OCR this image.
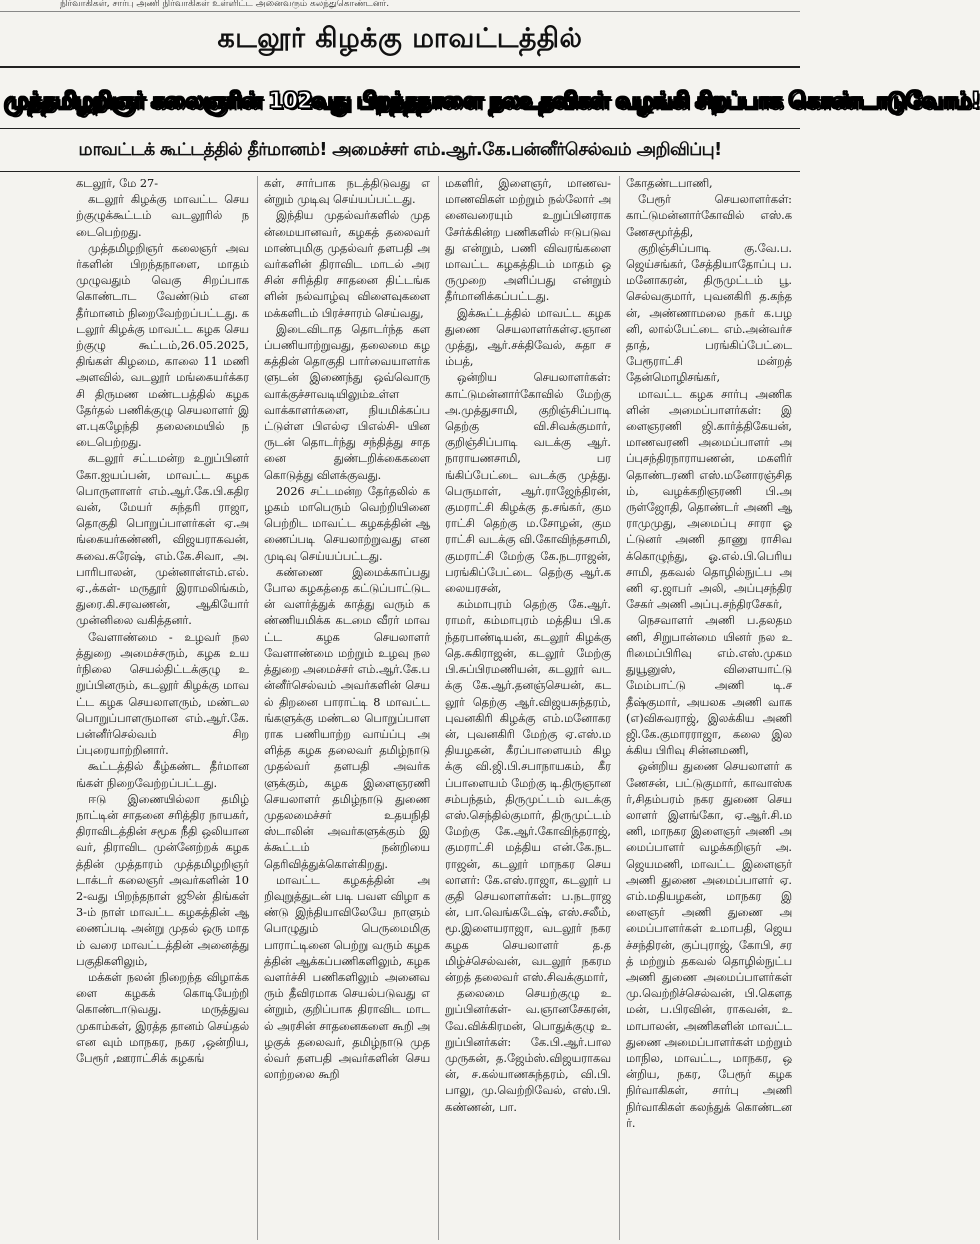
நிர்வாகிகள், சார்பு அணி நிர்வாகிகள் உள்ளிட்ட அனைவரும் கலந்துகொண்டனர்.
கடலூர் கிழக்கு மாவட்டத்தில்
முத்தமிழறிஞர் கலைஞரின் 102வது பிறந்தநாளை நலஉதவிகள் வழங்கி சிறப்பாக கொண்டாடுவோம்!
மாவட்டக் கூட்டத்தில் தீர்மானம்! அமைச்சர் எம்.ஆர்.கே.பன்னீர்செல்வம் அறிவிப்பு!

கடலூர், மே 27-

கடலூர் கிழக்கு மாவட்ட செயற்குழுக்கூட்டம் வடலூரில் நடைபெற்றது.

முத்தமிழறிஞர் கலைஞர் அவர்களின் பிறந்தநாளை, மாதம் முழுவதும் வெகு சிறப்பாக கொண்டாட வேண்டும் என தீர்மானம் நிறைவேற்றப்பட்டது. கடலூர் கிழக்கு மாவட்ட கழக செயற்குழு கூட்டம்,26.05.2025, திங்கள் கிழமை, காலை 11 மணி அளவில், வடலூர் மங்கையர்க்கரசி திருமண மண்டபத்தில் கழக தேர்தல் பணிக்குழு செயலாளர் இள.புகழேந்தி தலைமையில் நடைபெற்றது.

கடலூர் சட்டமன்ற உறுப்பினர் கோ.ஐயப்பன், மாவட்ட கழக பொருளாளர் எம்.ஆர்.கே.பி.கதிரவன், மேயர் சுந்தரி ராஜா, தொகுதி பொறுப்பாளர்கள் ஏ.அங்கையர்கண்ணி, விஜயராகவன்,சுவை.சுரேஷ், எம்.கே.சிவா, அ.பாரிபாலன், முன்னாள்எம்.எல்.ஏ.,க்கள்- மருதூர் இராமலிங்கம், துரை.கி.சரவணன், ஆகியோர் முன்னிலை வகித்தனர்.

வேளாண்மை - உழவர் நலத்துறை அமைச்சரும், கழக உயர்நிலை செயல்திட்டக்குழு உறுப்பினரும், கடலூர் கிழக்கு மாவட்ட கழக செயலாளரும், மண்டல பொறுப்பாளருமான எம்.ஆர்.கே.பன்னீர்செல்வம் சிறப்புரையாற்றினார்.

கூட்டத்தில் கீழ்கண்ட தீர்மானங்கள் நிறைவேற்றப்பட்டது.

ஈடு இணையில்லா தமிழ் நாட்டின் சாதனை சரித்திர நாயகர், திராவிடத்தின் சமூக நீதி ஒலியானவர், திராவிட முன்னேற்றக் கழகத்தின் முத்தாரம் முத்தமிழறிஞர் டாக்டர் கலைஞர் அவர்களின் 102-வது பிறந்தநாள் ஜூன் திங்கள் 3-ம் நாள் மாவட்ட கழகத்தின் ஆணைப்படி அன்று முதல் ஒரு மாதம் வரை மாவட்டத்தின் அனைத்து பகுதிகளிலும்,

மக்கள் நலன் நிறைந்த விழாக்களை கழகக் கொடியேற்றி கொண்டாடுவது. மருத்துவ முகாம்கள், இரத்த தானம் செய்தல் என வும் மாநகர, நகர ,ஒன்றிய, பேரூர் ,ஊராட்சிக் கழகங்

கள், சார்பாக நடத்திடுவது என்றும் முடிவு செய்யப்பட்டது.

இந்திய முதல்வர்களில் முதன்மையானவர், கழகத் தலைவர் மாண்புமிகு முதல்வர் தளபதி அவர்களின் திராவிட மாடல் அரசின் சரித்திர சாதனை திட்டங்களின் நல்வாழ்வு விளைவுகளை மக்களிடம் பிரச்சாரம் செய்வது,

இடைவிடாத தொடர்ந்த களப்பணியாற்றுவது, தலைமை கழகத்தின் தொகுதி பார்வையாளர்களுடன் இணைந்து ஒவ்வொரு வாக்குச்சாவடியிலும்உள்ளவாக்காளர்களை, நியமிக்கப்பட்டுள்ள பிஎல்ஏ பிஎல்சி- யினருடன் தொடர்ந்து சந்தித்து சாதனை துண்டறிக்கைகளை கொடுத்து விளக்குவது.

2026 சட்டமன்ற தேர்தலில் கழகம் மாபெரும் வெற்றியினை பெற்றிட மாவட்ட கழகத்தின் ஆணைப்படி செயலாற்றுவது என முடிவு செய்யப்பட்டது.

கண்ணை இமைக்காப்பது போல கழகத்தை கட்டுப்பாட்டுடன் வளர்த்துக் காத்து வரும் கண்ணியமிக்க கடமை வீரர் மாவட்ட கழக செயலாளர் வேளாண்மை மற்றும் உழவு நலத்துறை அமைச்சர் எம்.ஆர்.கே.பன்னீர்செல்வம் அவர்களின் செயல் திறனை பாராட்டி 8 மாவட்டங்களுக்கு மண்டல பொறுப்பாளராக பணியாற்ற வாய்ப்பு அளித்த கழக தலைவர் தமிழ்நாடு முதல்வர் தளபதி அவர்களுக்கும், கழக இளைஞரணி செயலாளர் தமிழ்நாடு துணை முதலமைச்சர் உதயநிதி ஸ்டாலின் அவர்களுக்கும் இக்கூட்டம் நன்றியை தெரிவித்துக்கொள்கிறது.

மாவட்ட கழகத்தின் அறிவுறுத்துடன் படி பவள விழா கண்டு இந்தியாவிலேயே நாளும் பொழுதும் பெருமைமிகு பாராட்டினை பெற்று வரும் கழகத்தின் ஆக்கப்பணிகளிலும், கழக வளர்ச்சி பணிகளிலும் அனைவரும் தீவிரமாக செயல்படுவது என்றும், குறிப்பாக திராவிட மாடல் அரசின் சாதனைகளை கூறி அழகுக் தலைவர், தமிழ்நாடு முதல்வர் தளபதி அவர்களின் செயலாற்றலை கூறி

மகளிர், இளைஞர், மாணவ-மாணவிகள் மற்றும் நல்லோர் அனைவரையும் உறுப்பினராக சேர்க்கின்ற பணிகளில் ஈடுபடுவது என்றும், பணி விவரங்களை மாவட்ட கழகத்திடம் மாதம் ஒருமுறை அளிப்பது என்றும் தீர்மானிக்கப்பட்டது.

இக்கூட்டத்தில் மாவட்ட கழக துணை செயலாளர்கள்ஏ.ஞானமுத்து, ஆர்.சக்திவேல், சுதா சம்பத்,

ஒன்றிய செயலாளர்கள்: காட்டுமன்னார்கோவில் மேற்கு அ.முத்துசாமி, குறிஞ்சிப்பாடி தெற்கு வி.சிவக்குமார், குறிஞ்சிப்பாடி வடக்கு ஆர்.நாராயணசாமி, பரங்கிப்பேட்டை வடக்கு முத்து.பெருமாள், ஆர்.ராஜேந்திரன், குமராட்சி கிழக்கு த.சங்கர், குமராட்சி தெற்கு ம.சோழன், குமராட்சி வடக்கு வி.கோவிந்தசாமி, குமராட்சி மேற்கு கே.நடராஜன், பரங்கிப்பேட்டை தெற்கு ஆர்.கலையரசன்,

கம்மாபுரம் தெற்கு கே.ஆர்.ராமர், கம்மாபுரம் மத்திய பி.கந்தரபாண்டியன், கடலூர் கிழக்கு தெ.சுகிராஜன், கடலூர் மேற்கு பி.சுப்பிரமணியன், கடலூர் வடக்கு கே.ஆர்.தனஞ்செயன், கடலூர் தெற்கு ஆர்.விஜயசுந்தரம், புவனகிரி கிழக்கு எம்.மனோகரன், புவனகிரி மேற்கு ஏ.எஸ்.மதியழகன், கீரப்பாளையம் கிழக்கு வி.ஜி.பி.சபாநாயகம், கீரப்பாளையம் மேற்கு டி.திருஞானசம்பந்தம், திருமுட்டம் வடக்கு எஸ்.செந்தில்குமார், திருமுட்டம் மேற்கு கே.ஆர்.கோவிந்தராஜ், குமராட்சி மத்திய என்.கே.நடராஜன், கடலூர் மாநகர செயலாளர்: கே.எஸ்.ராஜா, கடலூர் பகுதி செயலாளர்கள்: ப.நடராஜன், பா.வெங்கடேஷ், எஸ்.சலீம், மூ.இளையராஜா, வடலூர் நகர கழக செயலாளர் த.தமிழ்ச்செல்வன், வடலூர் நகரமன்றத் தலைவர் எஸ்.சிவக்குமார்,

தலைமை செயற்குழு உறுப்பினர்கள்- வ.ஞானசேகரன், வே.விக்கிரமன், பொதுக்குழு உறுப்பினர்கள்: கே.பி.ஆர்.பாலமுருகன், த.ஜேம்ஸ்.விஜயராகவன், ச.கல்யாணசுந்தரம், வி.பி.பாலு, மு.வெற்றிவேல், எஸ்.பி.கண்ணன், பா.

கோதண்டபாணி,

பேரூர் செயலாளர்கள்: காட்டுமன்னார்கோவில் எஸ்.கணேசமூர்த்தி,

குறிஞ்சிப்பாடி கு.வே.ப.ஜெய்சங்கர், சேத்தியாதோப்பு ப. மனோகரன், திருமுட்டம் பூ.செல்வகுமார், புவனகிரி த.கந்தன், அண்ணாமலை நகர் க.பழனி, லால்பேட்டை எம்.அன்வர்சதாத், பரங்கிப்பேட்டை பேரூராட்சி மன்றத் தேன்மொழிசங்கர்,

மாவட்ட கழக சார்பு அணிகளின் அமைப்பாளர்கள்: இளைஞரணி ஜி.கார்த்திகேயன், மாணவரணி அமைப்பாளர் அப்புசந்திரநாராயணன், மகளிர் தொண்டரணி எஸ்.மனோரஞ்சிதம், வழக்கறிஞரணி பி.அருள்ஜோதி, தொண்டர் அணி ஆராமுமுது, அமைப்பு சாரா ஓட்டுனர் அணி தாணு ராசிவக்கொழுந்து, ஓ.எல்.பி.பெரியசாமி, தகவல் தொழில்நுட்ப அணி ஏ.ஜாபர் அலி, அப்புசந்திரசேகர் அணி அப்பு.சந்திரசேகர்,

நெசவாளர் அணி ப.தலதமணி, சிறுபான்மை யினர் நல உரிமைப்பிரிவு எம்.எஸ்.முகமதுயூனுஸ், விளையாட்டு மேம்பாட்டு அணி டி.சதீஷ்குமார், அயலக அணி வாக(எ)விசுவராஜ், இலக்கிய அணி ஜி.கே.குமாரராஜா, கலை இலக்கிய பிரிவு சின்னமணி,

ஒன்றிய துணை செயலாளர் கணேசன், பட்டுகுமார், காவாஸ்கர்,சிதம்பரம் நகர துணை செயலாளர் இளங்கோ, ஏ.ஆர்.சி.மணி, மாநகர இளைஞர் அணி அமைப்பாளர் வழக்கறிஞர் அ.ஜெயமணி, மாவட்ட இளைஞர் அணி துணை அமைப்பாளர் ஏ.எம்.மதியழகன், மாநகர இளைஞர் அணி துணை அமைப்பாளர்கள் உமாபதி, ஜெயச்சந்திரன், குப்புராஜ், கோபி, சரத் மற்றும் தகவல் தொழில்நுட்ப அணி துணை அமைப்பாளர்கள் மு.வெற்றிச்செல்வன், பி.கௌதமன், ப.பிரவின், ராகவன், உமாபாலன், அணிகளின் மாவட்ட துணை அமைப்பாளர்கள் மற்றும் மாநில, மாவட்ட, மாநகர, ஒன்றிய, நகர, பேரூர் கழக நிர்வாகிகள், சார்பு அணி நிர்வாகிகள் கலந்துக் கொண்டனர்.
